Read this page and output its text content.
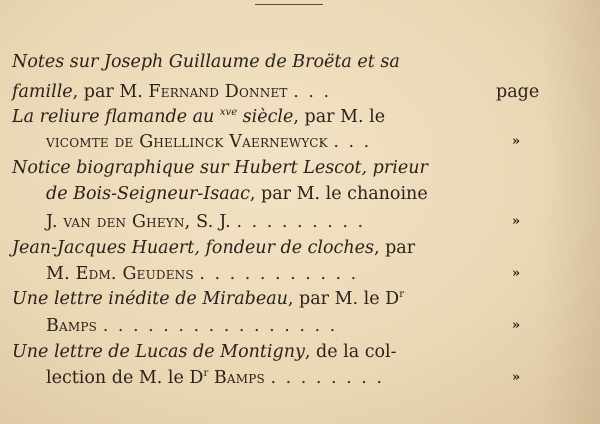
Notes sur Joseph Guillaume de Broëta et sa
famille, par M. Fernand Donnet . . .	page
La reliure flamande au $^{xve}$ siècle, par M. le
vicomte de Ghellinck Vaernewyck . . .	»
Notice biographique sur Hubert Lescot, prieur
de Bois-Seigneur-Isaac, par M. le chanoine
J. van den Gheyn, S. J. . . . . . . . . .	»
Jean-Jacques Huaert, fondeur de cloches, par
M. Edm. Geudens . . . . . . . . . . .	»
Une lettre inédite de Mirabeau, par M. le $D^r$
Bamps . . . . . . . . . . . . . . . .	»
Une lettre de Lucas de Montigny, de la col-
lection de M. le $D^r$ Bamps . . . . . . . .	»
